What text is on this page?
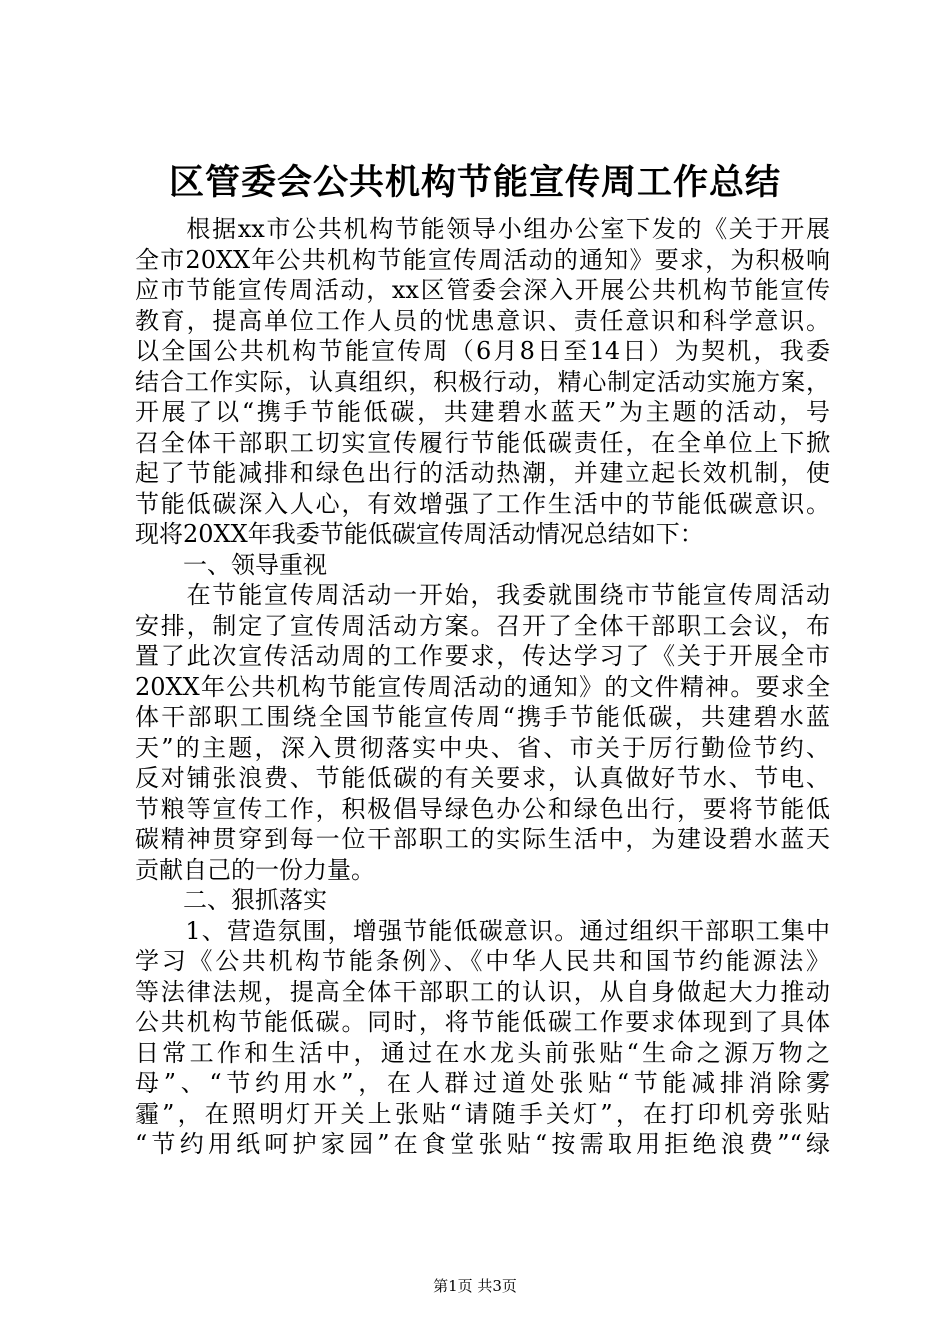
区管委会公共机构节能宣传周工作总结
　　根据xx市公共机构节能领导小组办公室下发的《关于开展
全市20XX年公共机构节能宣传周活动的通知》要求，为积极响
应市节能宣传周活动，xx区管委会深入开展公共机构节能宣传
教育，提高单位工作人员的忧患意识、责任意识和科学意识。
以全国公共机构节能宣传周（6月8日至14日）为契机，我委
结合工作实际，认真组织，积极行动，精心制定活动实施方案，
开展了以“携手节能低碳，共建碧水蓝天”为主题的活动，号
召全体干部职工切实宣传履行节能低碳责任，在全单位上下掀
起了节能减排和绿色出行的活动热潮，并建立起长效机制，使
节能低碳深入人心，有效增强了工作生活中的节能低碳意识。
现将20XX年我委节能低碳宣传周活动情况总结如下：
　　一、领导重视
　　在节能宣传周活动一开始，我委就围绕市节能宣传周活动
安排，制定了宣传周活动方案。召开了全体干部职工会议，布
置了此次宣传活动周的工作要求，传达学习了《关于开展全市
20XX年公共机构节能宣传周活动的通知》的文件精神。要求全
体干部职工围绕全国节能宣传周“携手节能低碳，共建碧水蓝
天”的主题，深入贯彻落实中央、省、市关于厉行勤俭节约、
反对铺张浪费、节能低碳的有关要求，认真做好节水、节电、
节粮等宣传工作，积极倡导绿色办公和绿色出行，要将节能低
碳精神贯穿到每一位干部职工的实际生活中，为建设碧水蓝天
贡献自己的一份力量。
　　二、狠抓落实
　　1、营造氛围，增强节能低碳意识。通过组织干部职工集中
学习《公共机构节能条例》、《中华人民共和国节约能源法》
等法律法规，提高全体干部职工的认识，从自身做起大力推动
公共机构节能低碳。同时，将节能低碳工作要求体现到了具体
日常工作和生活中，通过在水龙头前张贴“生命之源万物之
母”、“节约用水”，在人群过道处张贴“节能减排消除雾
霾”，在照明灯开关上张贴“请随手关灯”，在打印机旁张贴
“节约用纸呵护家园”在食堂张贴“按需取用拒绝浪费”“绿
第1页 共3页
